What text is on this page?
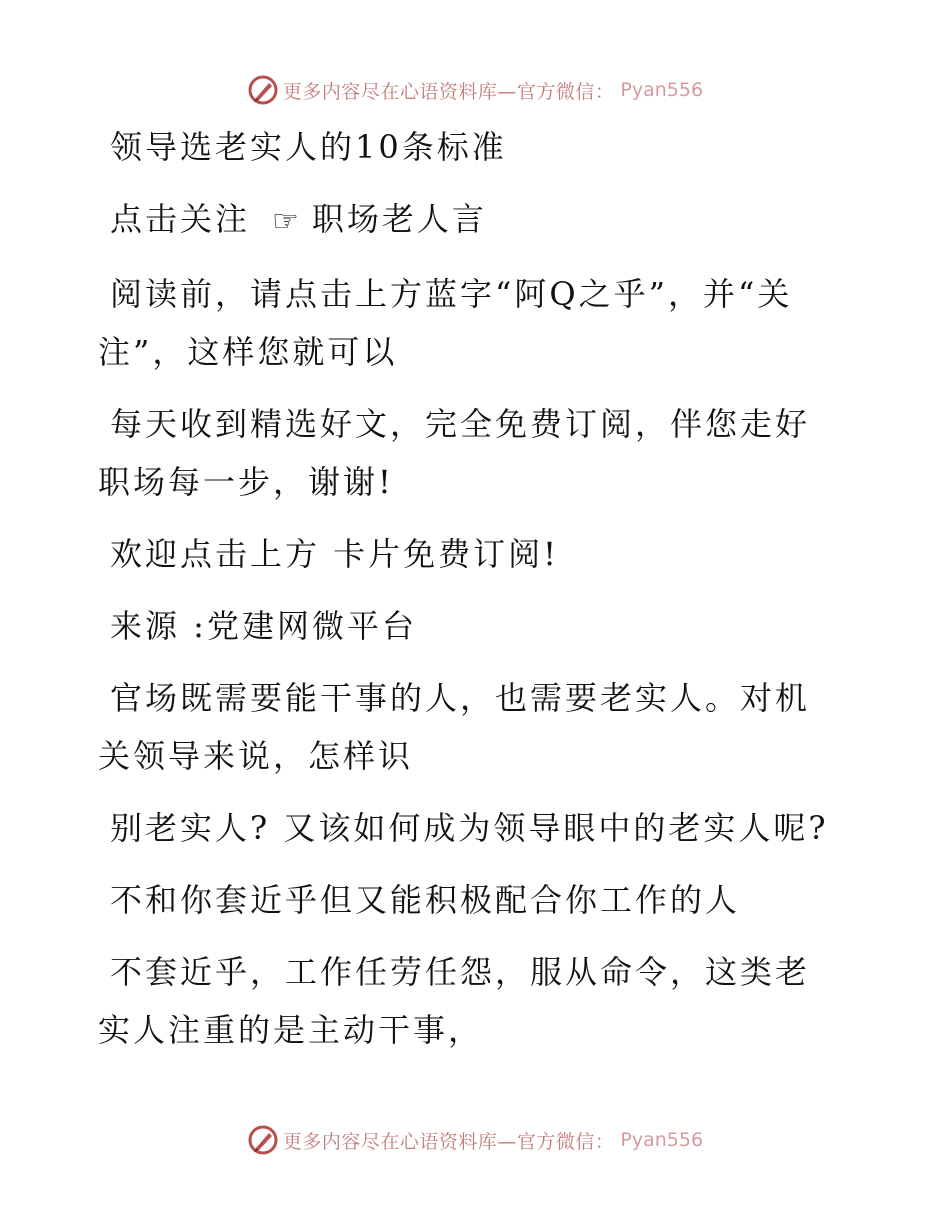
更多内容尽在心语资料库—官方微信： Pyan556

领导选老实人的10条标准

点击关注 ☞ 职场老人言

阅读前，请点击上方蓝字“阿Q之乎”，并“关注”，这样您就可以

每天收到精选好文，完全免费订阅，伴您走好职场每一步，谢谢!

欢迎点击上方 卡片免费订阅!

来源 :党建网微平台

官场既需要能干事的人，也需要老实人。对机关领导来说，怎样识

别老实人? 又该如何成为领导眼中的老实人呢?

不和你套近乎但又能积极配合你工作的人

不套近乎，工作任劳任怨，服从命令，这类老实人注重的是主动干事，

更多内容尽在心语资料库—官方微信： Pyan556
